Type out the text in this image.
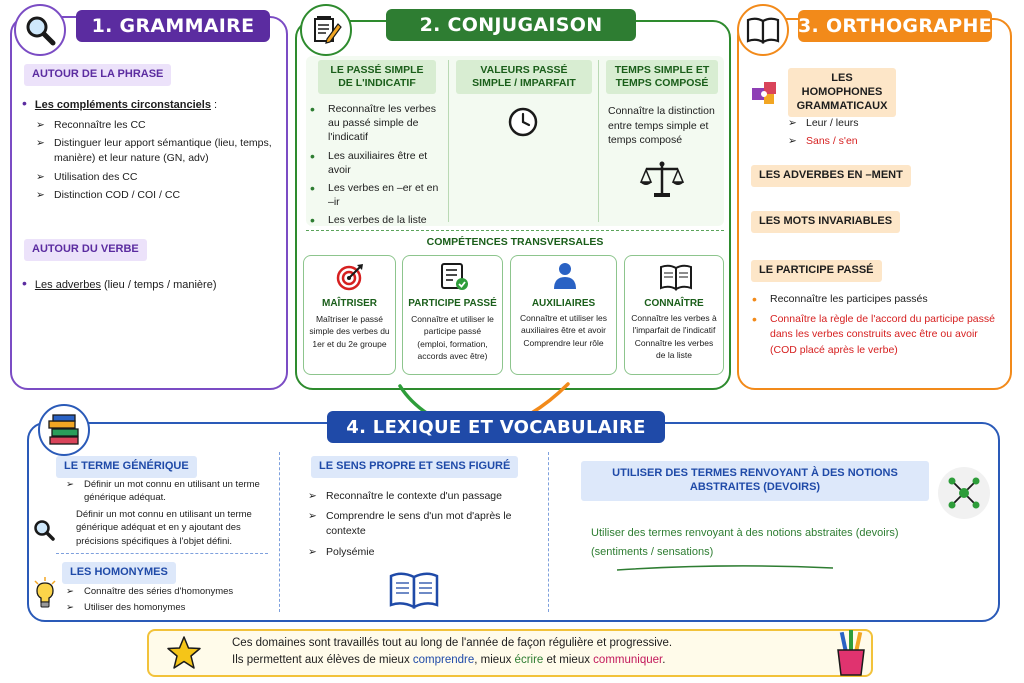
1. GRAMMAIRE
AUTOUR DE LA PHRASE
• Les compléments circonstanciels :
➢
Reconnaître les CC
➢
Distinguer leur apport sémantique (lieu, temps, manière) et leur nature (GN, adv)
➢
Utilisation des CC
➢
Distinction COD / COI / CC
AUTOUR DU VERBE
• Les adverbes (lieu / temps / manière)
2. CONJUGAISON
LE PASSÉ SIMPLE DE L'INDICATIF
•
Reconnaître les verbes au passé simple de l'indicatif
•
Les auxiliaires être et avoir
•
Les verbes en –er et en –ir
•
Les verbes de la liste
VALEURS PASSÉ SIMPLE / IMPARFAIT
TEMPS SIMPLE ET TEMPS COMPOSÉ
Connaître la distinction entre temps simple et temps composé
COMPÉTENCES TRANSVERSALES
MAÎTRISER
Maîtriser le passé simple des verbes du 1er et du 2e groupe
PARTICIPE PASSÉ
Connaître et utiliser le participe passé (emploi, formation, accords avec être)
AUXILIAIRES
Connaître et utiliser les auxiliaires être et avoir Comprendre leur rôle
CONNAÎTRE
Connaître les verbes à l'imparfait de l'indicatif Connaître les verbes de la liste
3. ORTHOGRAPHE
LES HOMOPHONES GRAMMATICAUX
➢
Leur / leurs
➢
Sans / s'en
LES ADVERBES EN –MENT
LES MOTS INVARIABLES
LE PARTICIPE PASSÉ
•
Reconnaître les participes passés
•
Connaître la règle de l'accord du participe passé dans les verbes construits avec être ou avoir (COD placé après le verbe)
4. LEXIQUE ET VOCABULAIRE
LE TERME GÉNÉRIQUE
➢
Définir un mot connu en utilisant un terme générique adéquat.
Définir un mot connu en utilisant un terme générique adéquat et en y ajoutant des précisions spécifiques à l'objet défini.
LES HOMONYMES
➢
Connaître des séries d'homonymes
➢
Utiliser des homonymes
LE SENS PROPRE ET SENS FIGURÉ
➢
Reconnaître le contexte d'un passage
➢
Comprendre le sens d'un mot d'après le contexte
➢
Polysémie
UTILISER DES TERMES RENVOYANT À DES NOTIONS ABSTRAITES (DEVOIRS)
Utiliser des termes renvoyant à des notions abstraites (devoirs) (sentiments / sensations)
Ces domaines sont travaillés tout au long de l'année de façon régulière et progressive.
Ils permettent aux élèves de mieux comprendre, mieux écrire et mieux communiquer.
